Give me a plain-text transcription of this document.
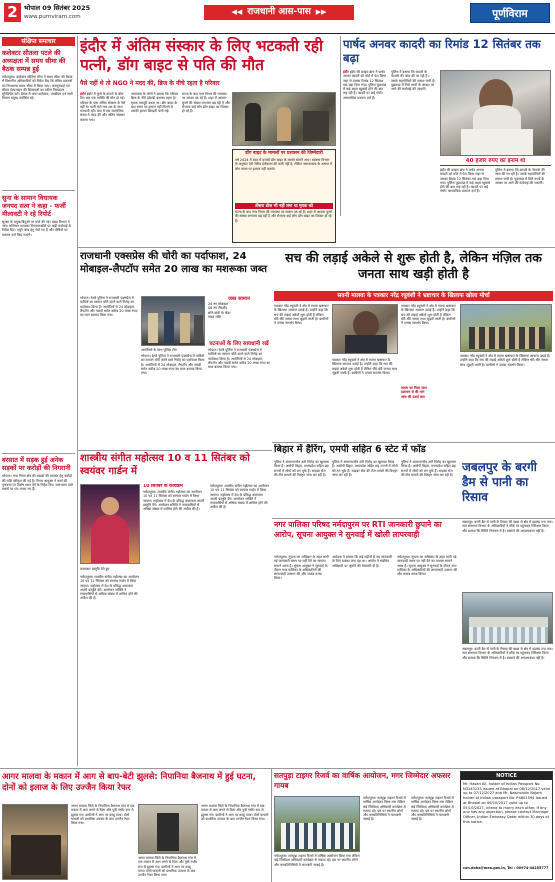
2 भोपाल 09 सितंबर 2025
www.purnviram.com
◀◀ राजधानी आस-पास ▶▶	पूर्णविराम
संक्षिप्त समाचार
कलेक्टर सीतला पटले की अध्यक्षता में समय सीमा की बैठक सम्पन्न हुई
नर्मदापुरम। कलेक्टर सोनिया मीना ने समय सीमा की बैठक में विभागीय अधिकारियों को निर्देश दिए कि लंबित प्रकरणों का निराकरण समय सीमा में किया जाए। जनसुनवाई एवं सीएम हेल्पलाइन की शिकायतों का त्वरित निराकरण सुनिश्चित करें। बैठक में अपर कलेक्टर, एसडीएम एवं सभी विभाग प्रमुख उपस्थित रहे।
सुना के सामान विधायक जनपद सत्य ने कहा - फर्जी मीलावटी ने रहे रिपोर्ट
सुरक्षा के प्रमुख बिंदुओं पर चर्चा की गई। खाद्य विभाग ने जांच अभियान चलाकर मिलावटखोरों पर कड़ी कार्रवाई के निर्देश दिए। नमूने जांच हेतु भेजे गए हैं और दोषियों पर प्रकरण दर्ज किए जाएंगे।
बरसात में सड़क हुई अनेक सड़कों पर करोड़ों की निगरानी
भोपाल। नगर निगम क्षेत्र की सड़कों की मरम्मत हेतु करोड़ों की राशि स्वीकृत की गई है। निगम आयुक्त ने कार्य की गुणवत्ता पर विशेष ध्यान देने के निर्देश दिए। जलभराव वाले स्थानों पर पंप लगाए गए हैं।
इंदौर में अंतिम संस्कार के लिए भटकती रही पत्नी, डॉग बाइट से पति की मौत
पैसे नहीं थे तो NGO ने मदद की, ब्रिज के नीचे रहता है परिवार
इंदौर इंदौर में कुत्ते के काटने के बीस दिन बाद एक व्यक्ति की मौत हो गई। परिवार के पास अंतिम संस्कार के पैसे नहीं थे। पत्नी घंटों तक शव के साथ भटकती रही। बाद में एक सामाजिक संस्था ने मदद की और अंतिम संस्कार कराया गया।
आसपास के लोगों ने बताया कि परिवार ब्रिज के नीचे झोपड़ी बनाकर रहता है। मृतक मजदूरी करता था। डॉग बाइट के बाद समय पर इलाज नहीं मिलने से उसकी हालत बिगड़ती चली गई।
घटना के बाद नगर निगम की व्यवस्था पर सवाल उठ रहे हैं। शहर में आवारा कुत्तों की संख्या लगातार बढ़ रही है और रोजाना कई लोग डॉग बाइट का शिकार हो रहे हैं।
डॉग बाइट के मामलों पर प्रशासन की जिम्मेदारी
वर्ष 2024 में शहर में हजारों डॉग बाइट के मामले सामने आए। स्वास्थ्य विभाग के अनुसार एंटी रेबीज इंजेक्शन की कमी नहीं है, लेकिन जागरूकता के अभाव में लोग समय पर इलाज नहीं कराते।
तीसरा डोज भी नहीं लगा था मृतक को
घटना के बाद नगर निगम की व्यवस्था पर सवाल उठ रहे हैं। शहर में आवारा कुत्तों की संख्या लगातार बढ़ रही है और रोजाना कई लोग डॉग बाइट का शिकार हो रहे हैं।
पार्षद अनवर कादरी का रिमांड 12 सितंबर तक बढ़ा
इंदौर इंदौर की क्राइम ब्रांच ने पार्षद अनवर कादरी को कोर्ट में पेश किया जहां से उसका रिमांड 12 सितंबर तक बढ़ा दिया गया। पुलिस पूछताछ में कई अहम खुलासे होने की बात कह रही है। कादरी पर कई गंभीर आपराधिक प्रकरण दर्ज हैं।
पुलिस ने बताया कि कादरी के नेटवर्क की जांच की जा रही है। उसके सहयोगियों की तलाश जारी है। पूछताछ में मिले तथ्यों के आधार पर आगे की कार्रवाई की जाएगी।
40 हजार रुपए का इनाम था
इंदौर की क्राइम ब्रांच ने पार्षद अनवर कादरी को कोर्ट में पेश किया जहां से उसका रिमांड 12 सितंबर तक बढ़ा दिया गया। पुलिस पूछताछ में कई अहम खुलासे होने की बात कह रही है। कादरी पर कई गंभीर आपराधिक प्रकरण दर्ज हैं।
पुलिस ने बताया कि कादरी के नेटवर्क की जांच की जा रही है। उसके सहयोगियों की तलाश जारी है। पूछताछ में मिले तथ्यों के आधार पर आगे की कार्रवाई की जाएगी।
राजधानी एक्सप्रेस की चोरी का पर्दाफाश, 24 मोबाइल-लैपटॉप समेत 20 लाख का मशरूका जब्त
भोपाल। रेलवे पुलिस ने राजधानी एक्सप्रेस में यात्रियों का सामान चोरी करने वाले गिरोह का पर्दाफाश किया है। आरोपियों से 24 मोबाइल, लैपटॉप और नकदी समेत करीब 20 लाख रुपए का माल बरामद किया गया।
आरोपियों के साथ पुलिस टीम
भोपाल। रेलवे पुलिस ने राजधानी एक्सप्रेस में यात्रियों का सामान चोरी करने वाले गिरोह का पर्दाफाश किया है। आरोपियों से 24 मोबाइल, लैपटॉप और नकदी समेत करीब 20 लाख रुपए का माल बरामद किया गया।
जब्त सामान
24 नग मोबाइल
06 नग लैपटॉप
सोने-चांदी के जेवर
नकद राशि
घटनाओं के लिए सावधानी रखें
भोपाल। रेलवे पुलिस ने राजधानी एक्सप्रेस में यात्रियों का सामान चोरी करने वाले गिरोह का पर्दाफाश किया है। आरोपियों से 24 मोबाइल, लैपटॉप और नकदी समेत करीब 20 लाख रुपए का माल बरामद किया गया।
सच की लड़ाई अकेले से शुरू होती है, लेकिन मंज़िल तक जनता साथ खड़ी होती है
सवनी मालवा के पत्रकार नरेंद्र रघुवंशी ने भ्रष्टाचार के खिलाफ खोला मोर्चा
पत्रकार नरेंद्र रघुवंशी ने क्षेत्र में व्याप्त भ्रष्टाचार के खिलाफ आवाज उठाई है। उन्होंने कहा कि सच की लड़ाई अकेले शुरू होती है लेकिन धीरे-धीरे जनता साथ जुड़ती जाती है। ग्रामीणों ने उनका समर्थन किया।
पत्रकार नरेंद्र रघुवंशी ने क्षेत्र में व्याप्त भ्रष्टाचार के खिलाफ आवाज उठाई है। उन्होंने कहा कि सच की लड़ाई अकेले शुरू होती है लेकिन धीरे-धीरे जनता साथ जुड़ती जाती है। ग्रामीणों ने उनका समर्थन किया।
पत्रकार नरेंद्र रघुवंशी ने क्षेत्र में व्याप्त भ्रष्टाचार के खिलाफ आवाज उठाई है। उन्होंने कहा कि सच की लड़ाई अकेले शुरू होती है लेकिन धीरे-धीरे जनता साथ जुड़ती जाती है। ग्रामीणों ने उनका समर्थन किया।
जनता का मिला साथ
प्रशासन से की मांग
जांच की उठाई बात
पत्रकार नरेंद्र रघुवंशी ने क्षेत्र में व्याप्त भ्रष्टाचार के खिलाफ आवाज उठाई है। उन्होंने कहा कि सच की लड़ाई अकेले शुरू होती है लेकिन धीरे-धीरे जनता साथ जुड़ती जाती है। ग्रामीणों ने उनका समर्थन किया।
बिहार में हैरिंग, एमपी सहित 6 स्टेट में फाॅड
पुलिस ने अंतरराज्यीय ठगी गिरोह का खुलासा किया है। आरोपी बिहार, मध्यप्रदेश सहित छह राज्यों में लोगों को ठग चुके हैं। साइबर सेल की टीम मामले की विस्तृत जांच कर रही है।
पुलिस ने अंतरराज्यीय ठगी गिरोह का खुलासा किया है। आरोपी बिहार, मध्यप्रदेश सहित छह राज्यों में लोगों को ठग चुके हैं। साइबर सेल की टीम मामले की विस्तृत जांच कर रही है।
पुलिस ने अंतरराज्यीय ठगी गिरोह का खुलासा किया है। आरोपी बिहार, मध्यप्रदेश सहित छह राज्यों में लोगों को ठग चुके हैं। साइबर सेल की टीम मामले की विस्तृत जांच कर रही है।
जबलपुर के बरगी डैम से पानी का रिसाव
शास्त्रीय संगीत महोत्सव 10 व 11 सितंबर को स्वयंवर गार्डन में
कलाकार प्रस्तुति देते हुए
नर्मदापुरम। शास्त्रीय संगीत महोत्सव का आयोजन 10 एवं 11 सितंबर को स्वयंवर गार्डन में किया जाएगा। महोत्सव में देश के प्रसिद्ध कलाकार अपनी प्रस्तुति देंगे। आयोजन समिति ने नगरवासियों से अधिक संख्या में शामिल होने की अपील की है।
10 सितंबर के कार्यक्रम
नर्मदापुरम। शास्त्रीय संगीत महोत्सव का आयोजन 10 एवं 11 सितंबर को स्वयंवर गार्डन में किया जाएगा। महोत्सव में देश के प्रसिद्ध कलाकार अपनी प्रस्तुति देंगे। आयोजन समिति ने नगरवासियों से अधिक संख्या में शामिल होने की अपील की है।
नर्मदापुरम। शास्त्रीय संगीत महोत्सव का आयोजन 10 एवं 11 सितंबर को स्वयंवर गार्डन में किया जाएगा। महोत्सव में देश के प्रसिद्ध कलाकार अपनी प्रस्तुति देंगे। आयोजन समिति ने नगरवासियों से अधिक संख्या में शामिल होने की अपील की है।
नगर पालिका परिषद नर्मदापुरम पर RTI जानकारी छुपाने का आरोप, सूचना आयुक्त ने सुनवाई में खोली लापरवाही
नर्मदापुरम। सूचना का अधिकार के तहत मांगी गई जानकारी समय पर नहीं देने का मामला सामने आया है। सूचना आयुक्त ने सुनवाई के दौरान नगर पालिका के अधिकारियों की लापरवाही उजागर की और जवाब तलब किया।
आवेदक ने बताया कि कई महीनों से वह जानकारी के लिए चक्कर लगा रहा था। आयोग ने संबंधित अधिकारी पर जुर्माने की चेतावनी दी है।
नर्मदापुरम। सूचना का अधिकार के तहत मांगी गई जानकारी समय पर नहीं देने का मामला सामने आया है। सूचना आयुक्त ने सुनवाई के दौरान नगर पालिका के अधिकारियों की लापरवाही उजागर की और जवाब तलब किया।
जबलपुर। बरगी डैम से पानी के रिसाव की खबर से क्षेत्र में हड़कंप मच गया। जल संसाधन विभाग के अधिकारियों ने मौके पर पहुंचकर निरीक्षण किया और बताया कि स्थिति नियंत्रण में है। घबराने की आवश्यकता नहीं है।
जबलपुर। बरगी डैम से पानी के रिसाव की खबर से क्षेत्र में हड़कंप मच गया। जल संसाधन विभाग के अधिकारियों ने मौके पर पहुंचकर निरीक्षण किया और बताया कि स्थिति नियंत्रण में है। घबराने की आवश्यकता नहीं है।
आगर मालवा के मकान में आग से बाप-बेटी झुलसे: निपानिया बैजनाथ में हुई घटना, दोनों को इलाज के लिए उज्जैन किया रेफर
आगर मालवा जिले के निपानिया बैजनाथ गांव में एक मकान में आग लगने से पिता और पुत्री गंभीर रूप से झुलस गए। ग्रामीणों ने आग पर काबू पाया। दोनों घायलों को प्राथमिक उपचार के बाद उज्जैन रेफर किया गया।
आगर मालवा जिले के निपानिया बैजनाथ गांव में एक मकान में आग लगने से पिता और पुत्री गंभीर रूप से झुलस गए। ग्रामीणों ने आग पर काबू पाया। दोनों घायलों को प्राथमिक उपचार के बाद उज्जैन रेफर किया गया।
आगर मालवा जिले के निपानिया बैजनाथ गांव में एक मकान में आग लगने से पिता और पुत्री गंभीर रूप से झुलस गए। ग्रामीणों ने आग पर काबू पाया। दोनों घायलों को प्राथमिक उपचार के बाद उज्जैन रेफर किया गया।
सतपुड़ा टाइगर रिजर्व का वार्षिक आयोजन, मगर जिम्मेदार अफसर गायब
नर्मदापुरम। सतपुड़ा टाइगर रिजर्व में वार्षिक आयोजन किया गया लेकिन कई जिम्मेदार अधिकारी कार्यक्रम से नदारद रहे। इस पर स्थानीय लोगों और जनप्रतिनिधियों ने नाराजगी जताई है।
नर्मदापुरम। सतपुड़ा टाइगर रिजर्व में वार्षिक आयोजन किया गया लेकिन कई जिम्मेदार अधिकारी कार्यक्रम से नदारद रहे। इस पर स्थानीय लोगों और जनप्रतिनिधियों ने नाराजगी जताई है।
नर्मदापुरम। सतपुड़ा टाइगर रिजर्व में वार्षिक आयोजन किया गया लेकिन कई जिम्मेदार अधिकारी कार्यक्रम से नदारद रहे। इस पर स्थानीय लोगों और जनप्रतिनिधियों ने नाराजगी जताई है।
NOTICE
Mr. Hasan Ali, holder of Indian Passport No. N3145233 issued at Bhopal on 08/12/2017 valid up to 07/12/2027 and Mr. Nasiruddin Najam holder of Indian passport No. P4802594 issued at Bhopal on 06/10/2017 valid up to 05/10/2027, intend to marry each other. If any one has any objection, please contact Marriage Officer, Indian Embassy Qatar within 30 days of this notice.
con.doha@mea.gov.in, Tel : 00974-44255777
